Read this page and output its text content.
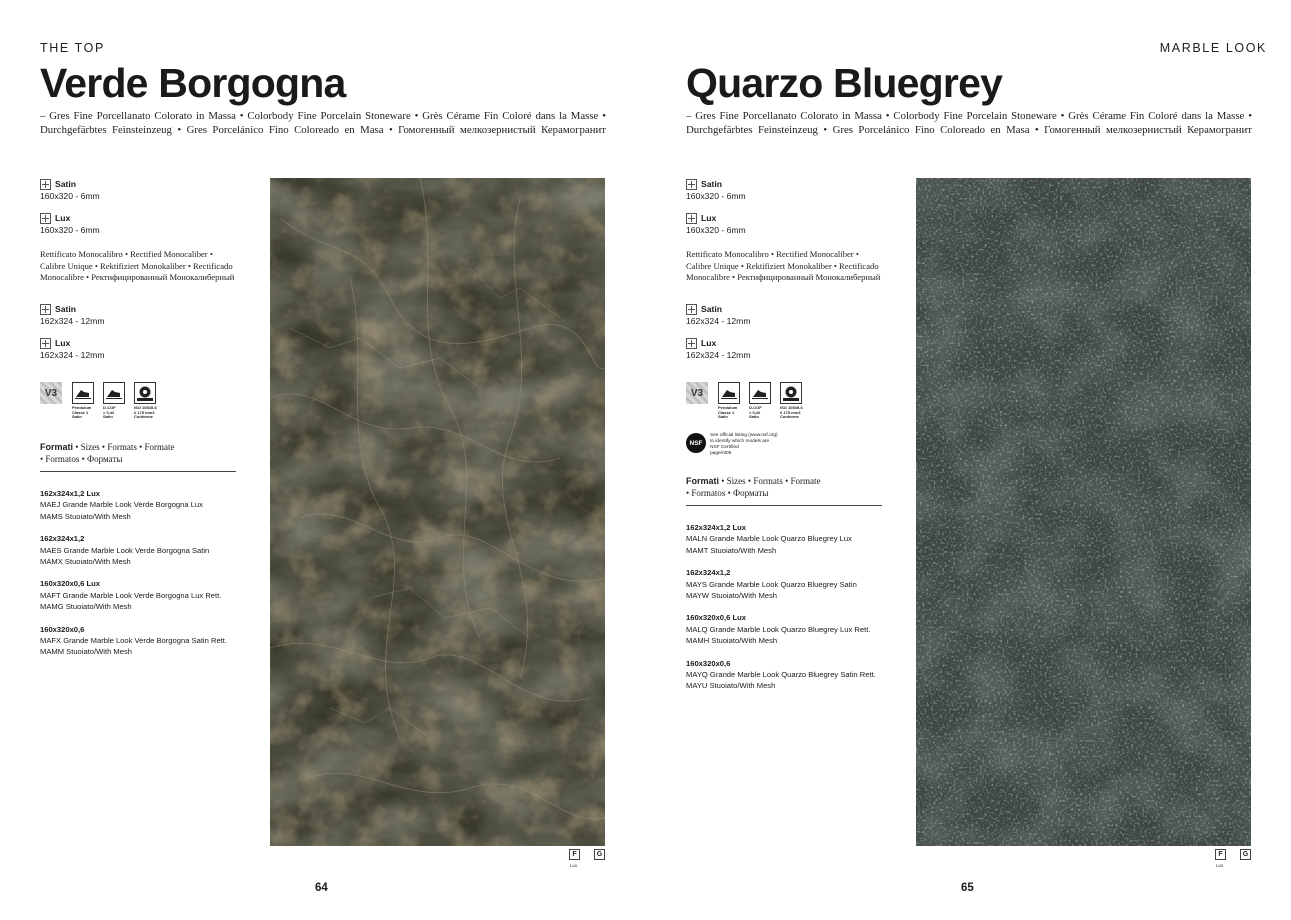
THE TOP
Verde Borgogna
– Gres Fine Porcellanato Colorato in Massa • Colorbody Fine Porcelain Stoneware • Grès Cérame Fin Coloré dans la Masse •
Durchgefärbtes Feinsteinzeug • Gres Porcelánico Fino Coloreado en Masa • Гомогенный мелкозернистый Керамогранит
Satin
160x320 - 6mm
Lux
160x320 - 6mm
Rettificato Monocalibro • Rectified Monocaliber •
Calibre Unique • Rektifiziert Monokaliber • Rectificado
Monocalibre • Ректифицированный Монокалиберный
Satin
162x324 - 12mm
Lux
162x324 - 12mm
V3
Pendulum
Classe 1
Satin
D-COF
> 0,42
Satin
ISO 10545-6
≤ 175 mm3
Conforme
Formati • Sizes • Formats • Formate
• Formatos • Форматы
162x324x1,2 Lux
MAEJ Grande Marble Look Verde Borgogna Lux
MAMS Stuoiato/With Mesh
162x324x1,2
MAES Grande Marble Look Verde Borgogna Satin
MAMX Stuoiato/With Mesh
160x320x0,6 Lux
MAFT Grande Marble Look Verde Borgogna Lux Rett.
MAMG Stuoiato/With Mesh
160x320x0,6
MAFX Grande Marble Look Verde Borgogna Satin Rett.
MAMM Stuoiato/With Mesh
F	G
Lux
64
MARBLE LOOK
Quarzo Bluegrey
– Gres Fine Porcellanato Colorato in Massa • Colorbody Fine Porcelain Stoneware • Grès Cérame Fin Coloré dans la Masse •
Durchgefärbtes Feinsteinzeug • Gres Porcelánico Fino Coloreado en Masa • Гомогенный мелкозернистый Керамогранит
Satin
160x320 - 6mm
Lux
160x320 - 6mm
Rettificato Monocalibro • Rectified Monocaliber •
Calibre Unique • Rektifiziert Monokaliber • Rectificado
Monocalibre • Ректифицированный Монокалиберный
Satin
162x324 - 12mm
Lux
162x324 - 12mm
V3
Pendulum
Classe 1
Satin
D-COF
> 0,42
Satin
ISO 10545-6
≤ 175 mm3
Conforme
NSF
See official listing (www.nsf.org)
to identify which models are
NSF Certified
page/nt05
Formati • Sizes • Formats • Formate
• Formatos • Форматы
162x324x1,2 Lux
MALN Grande Marble Look Quarzo Bluegrey Lux
MAMT Stuoiato/With Mesh
162x324x1,2
MAYS Grande Marble Look Quarzo Bluegrey Satin
MAYW Stuoiato/With Mesh
160x320x0,6 Lux
MALQ Grande Marble Look Quarzo Bluegrey Lux Rett.
MAMH Stuoiato/With Mesh
160x320x0,6
MAYQ Grande Marble Look Quarzo Bluegrey Satin Rett.
MAYU Stuoiato/With Mesh
F	G
Lux
65
